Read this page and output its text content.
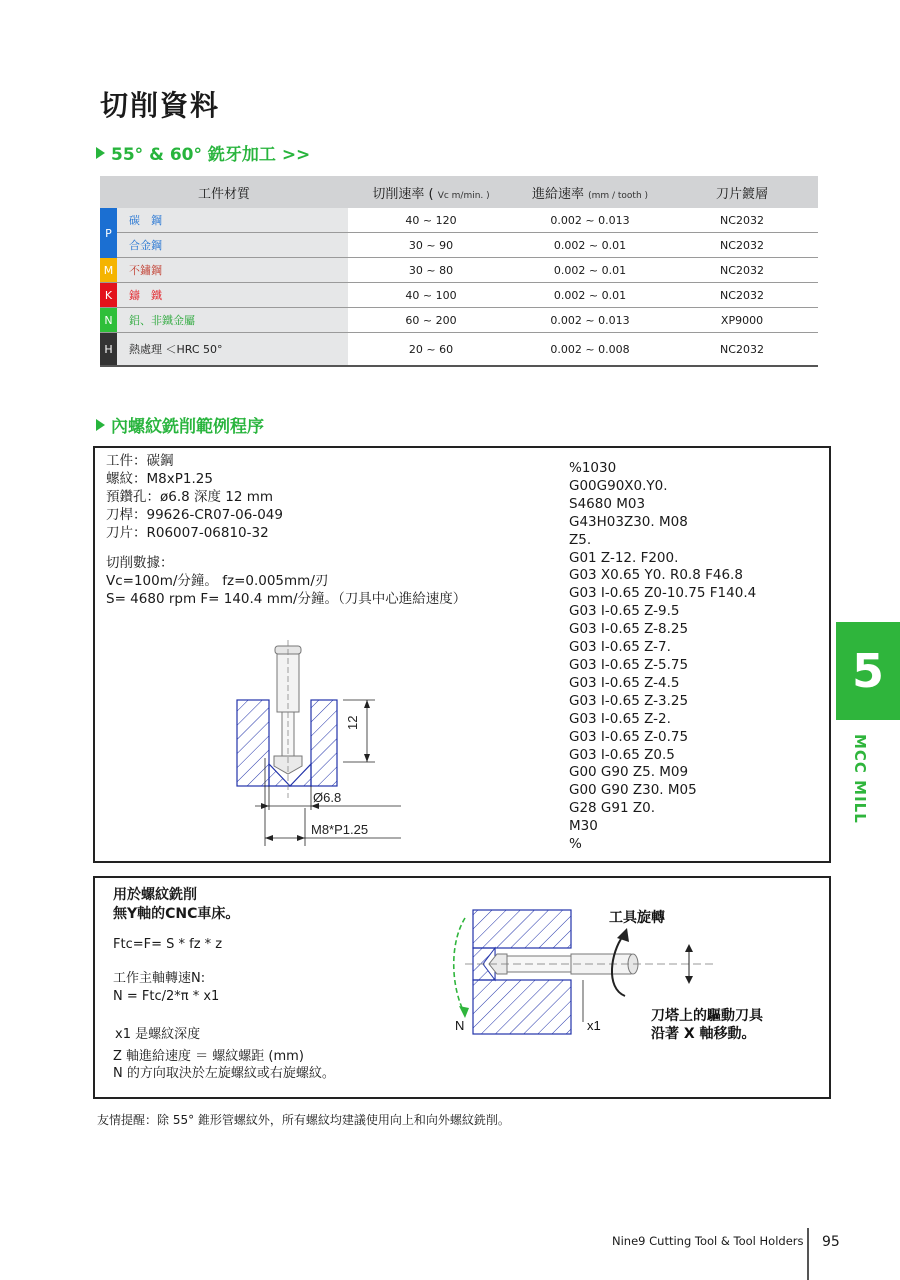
切削資料
55° & 60° 銑牙加工 >>
工件材質	切削速率 ( Vc m/min. )	進給速率 (mm / tooth )	刀片鍍層
碳　鋼	40 ~ 120	0.002 ~ 0.013	NC2032
合金鋼	30 ~ 90	0.002 ~ 0.01	NC2032
M	不鏽鋼	30 ~ 80	0.002 ~ 0.01	NC2032
K	鑄　鐵	40 ~ 100	0.002 ~ 0.01	NC2032
N	鋁、非鐵金屬	60 ~ 200	0.002 ~ 0.013	XP9000
H	熱處理 ＜HRC 50°	20 ~ 60	0.002 ~ 0.008	NC2032
P
內螺紋銑削範例程序
工件：碳鋼
螺紋：M8xP1.25
預鑽孔：ø6.8 深度 12 mm
刀桿：99626-CR07-06-049
刀片：R06007-06810-32
切削數據：
Vc=100m/分鐘。 fz=0.005mm/刃
S= 4680 rpm F= 140.4 mm/分鐘。（刀具中心進給速度）
12
Ø6.8
M8*P1.25
%1030
G00G90X0.Y0.
S4680 M03
G43H03Z30. M08
Z5.
G01 Z-12. F200.
G03 X0.65 Y0. R0.8 F46.8
G03 I-0.65 Z0-10.75 F140.4
G03 I-0.65 Z-9.5
G03 I-0.65 Z-8.25
G03 I-0.65 Z-7.
G03 I-0.65 Z-5.75
G03 I-0.65 Z-4.5
G03 I-0.65 Z-3.25
G03 I-0.65 Z-2.
G03 I-0.65 Z-0.75
G03 I-0.65 Z0.5
G00 G90 Z5. M09
G00 G90 Z30. M05
G28 G91 Z0.
M30
%
用於螺紋銑削
無Y軸的CNC車床。
Ftc=F= S * fz * z
工作主軸轉速N:
N = Ftc/2*π * x1
x1 是螺紋深度
Z 軸進給速度 ＝ 螺紋螺距 (mm)
N 的方向取決於左旋螺紋或右旋螺紋。
工具旋轉
N	x1
刀塔上的驅動刀具
沿著 X 軸移動。
友情提醒：除 55° 錐形管螺紋外，所有螺紋均建議使用向上和向外螺紋銑削。
5
MCC MILL
Nine9 Cutting Tool & Tool Holders 95
